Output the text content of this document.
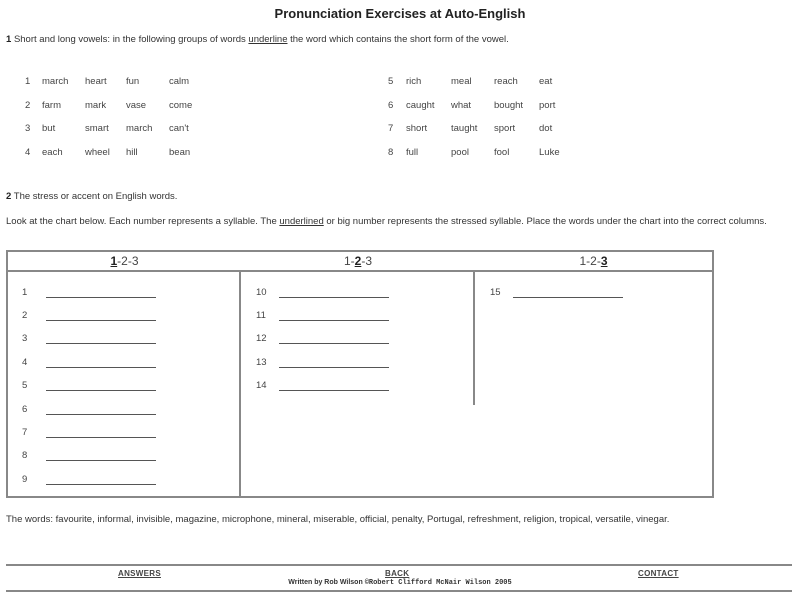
Pronunciation Exercises at Auto-English
1 Short and long vowels: in the following groups of words underline the word which contains the short form of the vowel.
1 march heart fun	calm
2 farm	mark vase come
3 but	smart march can't
4 each wheel hill	bean
5 rich	meal reach eat
6 caught what bought port
7 short	taught sport	dot
8 full	pool	fool	Luke
2 The stress or accent on English words.
Look at the chart below. Each number represents a syllable. The underlined or big number represents the stressed syllable. Place the words under the chart into the correct columns.
1-2-3	1-2-3	1-2-3
1
2
3
4
5
6
7
8
9
10
11
12
13
14
15
The words: favourite, informal, invisible, magazine, microphone, mineral, miserable, official, penalty, Portugal, refreshment, religion, tropical, versatile, vinegar.
ANSWERS	BACK	CONTACT
Written by Rob Wilson ©Robert Clifford McNair Wilson 2005
